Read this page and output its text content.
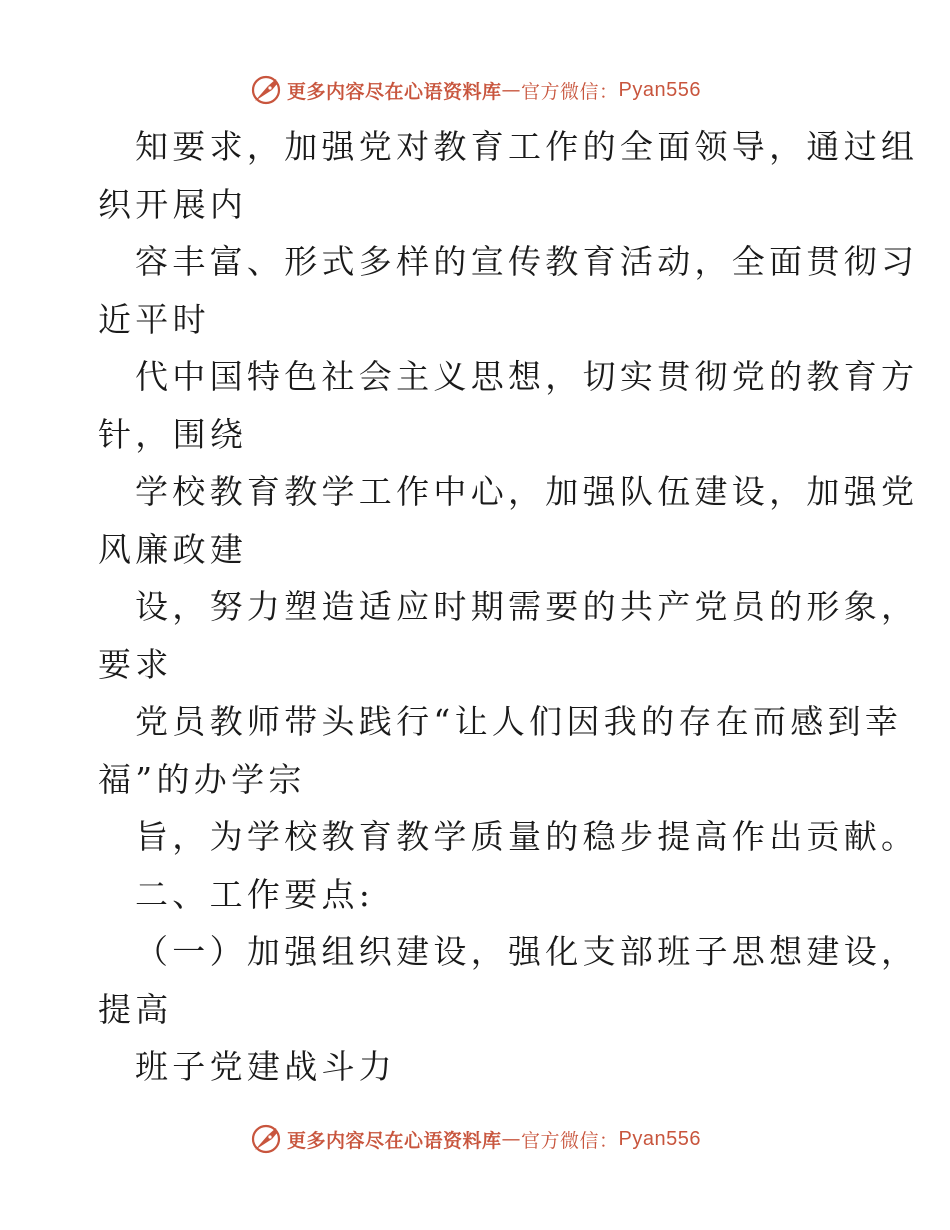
更多内容尽在心语资料库 — 官方微信： Pyan556

知要求，加强党对教育工作的全面领导，通过组

织开展内

容丰富、形式多样的宣传教育活动，全面贯彻习

近平时

代中国特色社会主义思想，切实贯彻党的教育方

针，围绕

学校教育教学工作中心，加强队伍建设，加强党

风廉政建

设，努力塑造适应时期需要的共产党员的形象，

要求

党员教师带头践行“让人们因我的存在而感到幸

福”的办学宗

旨，为学校教育教学质量的稳步提高作出贡献。

二、工作要点:

（一）加强组织建设，强化支部班子思想建设，

提高

班子党建战斗力

更多内容尽在心语资料库 — 官方微信： Pyan556
